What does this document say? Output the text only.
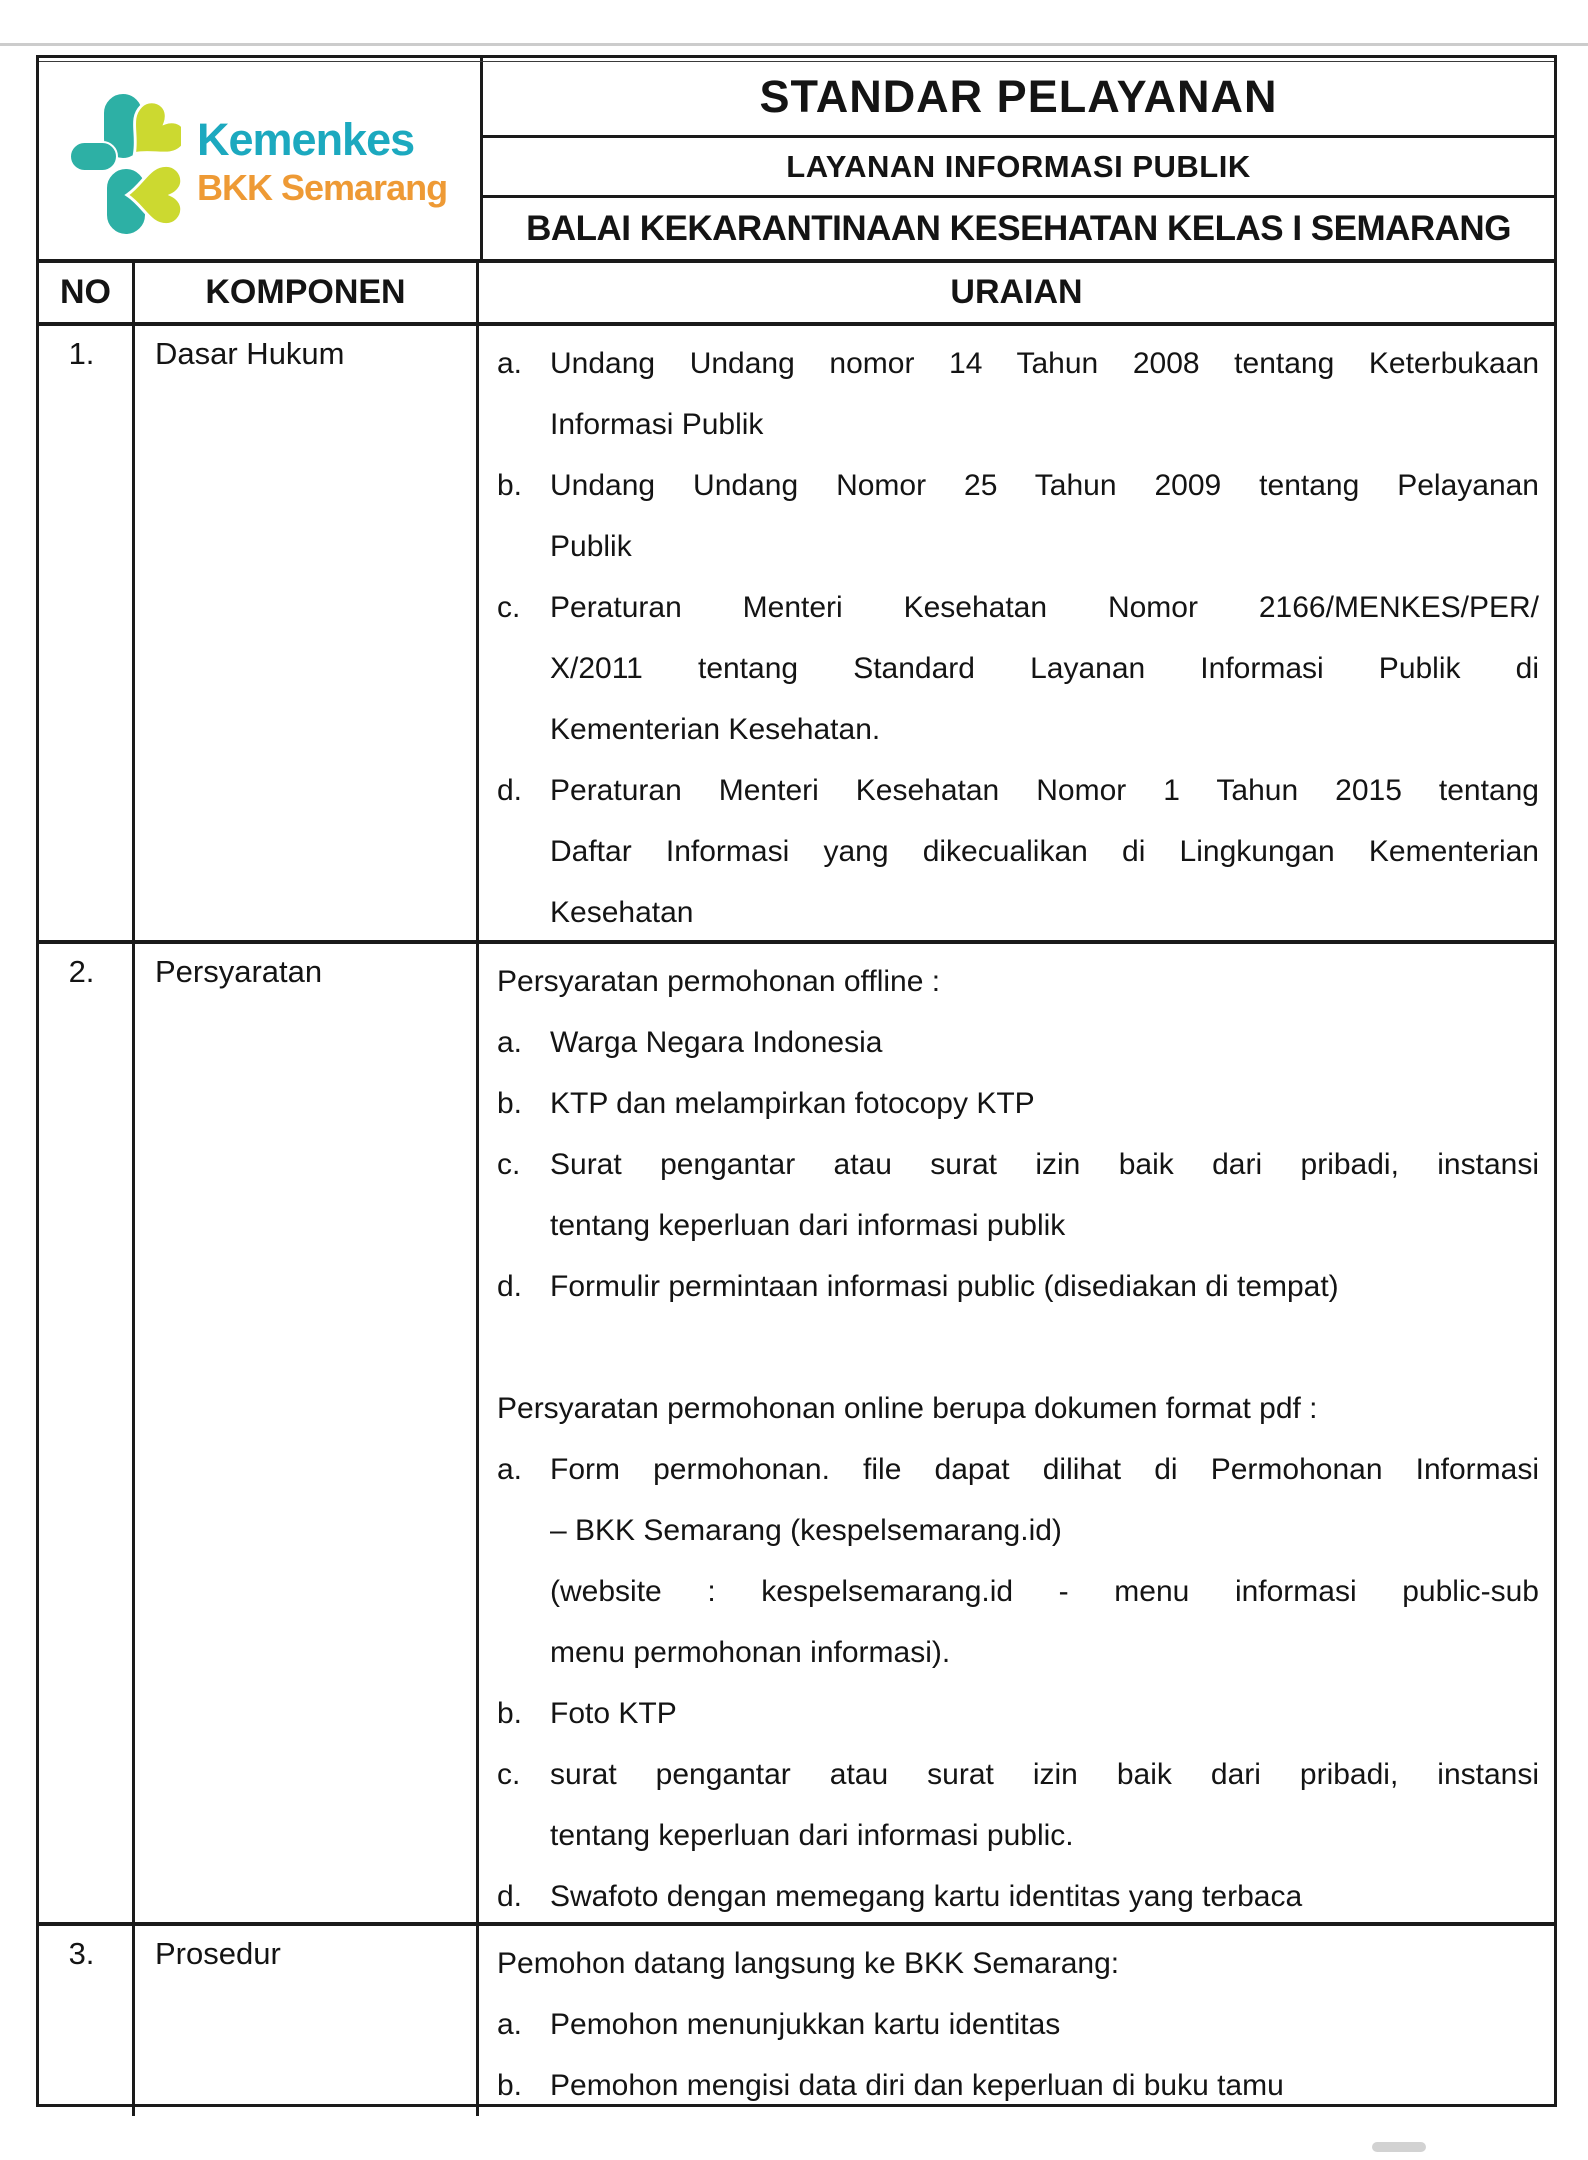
Kemenkes
BKK Semarang
STANDAR PELAYANAN
LAYANAN INFORMASI PUBLIK
BALAI KEKARANTINAAN KESEHATAN KELAS I SEMARANG
NO	KOMPONEN	URAIAN
1.	Dasar Hukum	a. Undang Undang nomor 14 Tahun 2008 tentang Keterbukaan
Informasi Publik
b. Undang Undang Nomor 25 Tahun 2009 tentang Pelayanan
Publik
c. Peraturan Menteri Kesehatan Nomor 2166/MENKES/PER/
X/2011 tentang Standard Layanan Informasi Publik di
Kementerian Kesehatan.
d. Peraturan Menteri Kesehatan Nomor 1 Tahun 2015 tentang
Daftar Informasi yang dikecualikan di Lingkungan Kementerian
Kesehatan
2.	Persyaratan	Persyaratan permohonan offline :
a. Warga Negara Indonesia
b. KTP dan melampirkan fotocopy KTP
c. Surat pengantar atau surat izin baik dari pribadi, instansi
tentang keperluan dari informasi publik
d. Formulir permintaan informasi public (disediakan di tempat)
Persyaratan permohonan online berupa dokumen format pdf :
a. Form permohonan. file dapat dilihat di Permohonan Informasi
– BKK Semarang (kespelsemarang.id)
(website : kespelsemarang.id - menu informasi public-sub
menu permohonan informasi).
b. Foto KTP
c. surat pengantar atau surat izin baik dari pribadi, instansi
tentang keperluan dari informasi public.
d. Swafoto dengan memegang kartu identitas yang terbaca
3.	Prosedur	Pemohon datang langsung ke BKK Semarang:
a. Pemohon menunjukkan kartu identitas
b. Pemohon mengisi data diri dan keperluan di buku tamu
